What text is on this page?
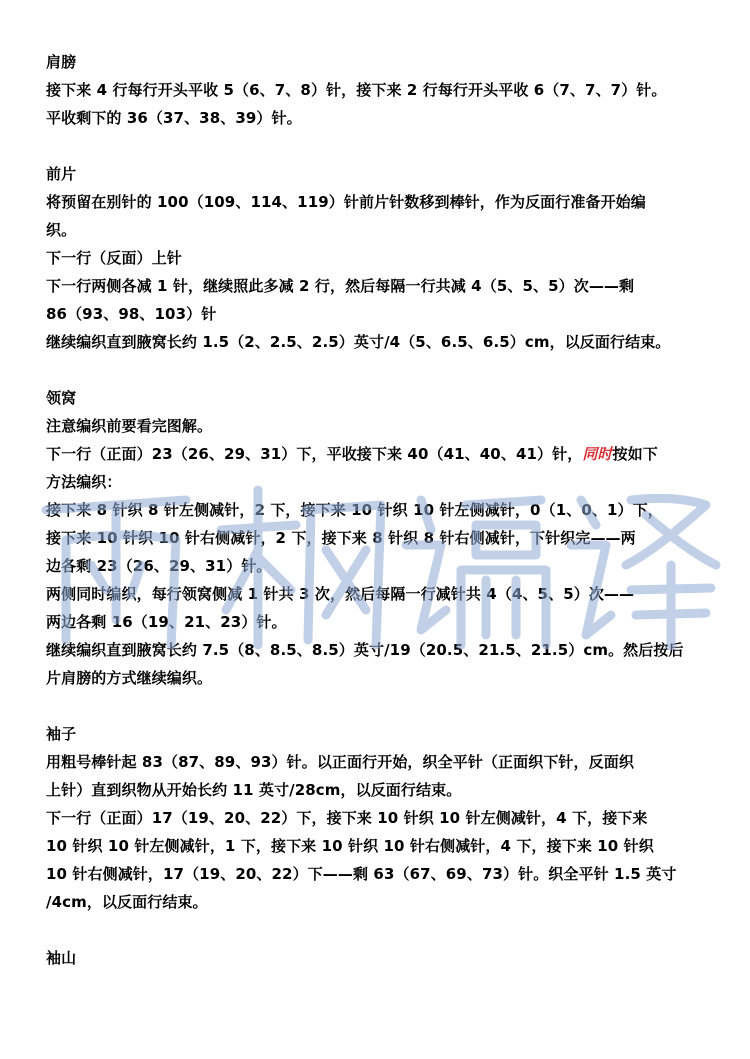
肩膀
接下来 4 行每行开头平收 5（6、7、8）针，接下来 2 行每行开头平收 6（7、7、7）针。
平收剩下的 36（37、38、39）针。
前片
将预留在别针的 100（109、114、119）针前片针数移到棒针，作为反面行准备开始编
织。
下一行（反面）上针
下一行两侧各减 1 针，继续照此多减 2 行，然后每隔一行共减 4（5、5、5）次——剩
86（93、98、103）针
继续编织直到腋窝长约 1.5（2、2.5、2.5）英寸/4（5、6.5、6.5）cm，以反面行结束。
领窝
注意编织前要看完图解。
下一行（正面）23（26、29、31）下，平收接下来 40（41、40、41）针，同时按如下
方法编织：
接下来 8 针织 8 针左侧减针，2 下，接下来 10 针织 10 针左侧减针，0（1、0、1）下，
接下来 10 针织 10 针右侧减针，2 下，接下来 8 针织 8 针右侧减针，下针织完——两
边各剩 23（26、29、31）针。
两侧同时编织，每行领窝侧减 1 针共 3 次，然后每隔一行减针共 4（4、5、5）次——
两边各剩 16（19、21、23）针。
继续编织直到腋窝长约 7.5（8、8.5、8.5）英寸/19（20.5、21.5、21.5）cm。然后按后
片肩膀的方式继续编织。
袖子
用粗号棒针起 83（87、89、93）针。以正面行开始，织全平针（正面织下针，反面织
上针）直到织物从开始长约 11 英寸/28cm，以反面行结束。
下一行（正面）17（19、20、22）下，接下来 10 针织 10 针左侧减针，4 下，接下来
10 针织 10 针左侧减针，1 下，接下来 10 针织 10 针右侧减针，4 下，接下来 10 针织
10 针右侧减针，17（19、20、22）下——剩 63（67、69、73）针。织全平针 1.5 英寸
/4cm，以反面行结束。
袖山
